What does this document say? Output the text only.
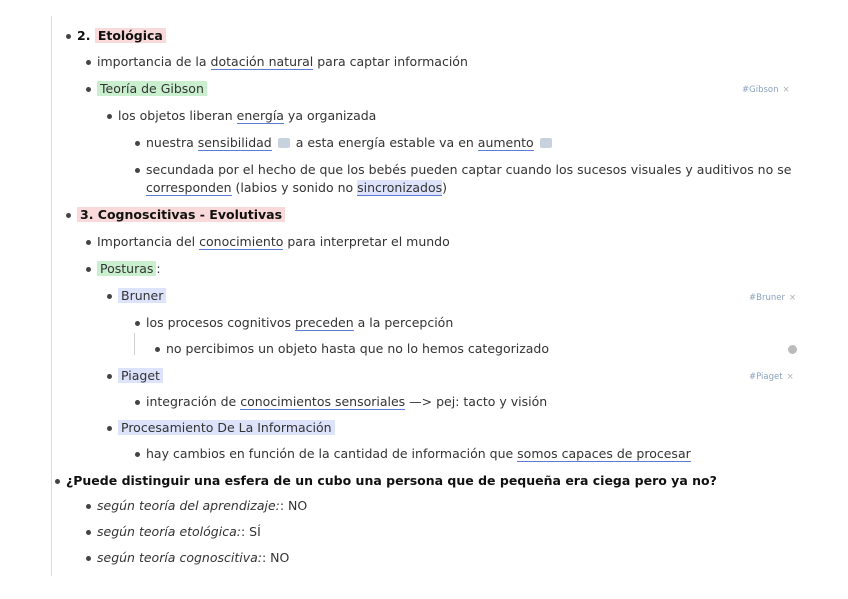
2. Etológica
importancia de la dotación natural para captar información
Teoría de Gibson	#Gibson ×
los objetos liberan energía ya organizada
nuestra sensibilidad  a esta energía estable va en aumento
secundada por el hecho de que los bebés pueden captar cuando los sucesos visuales y auditivos no se
corresponden (labios y sonido no sincronizados)
3. Cognoscitivas - Evolutivas
Importancia del conocimiento para interpretar el mundo
Posturas :
Bruner	#Bruner ×
los procesos cognitivos preceden a la percepción
no percibimos un objeto hasta que no lo hemos categorizado
Piaget	#Piaget ×
integración de conocimientos sensoriales —> pej: tacto y visión
Procesamiento De La Información
hay cambios en función de la cantidad de información que somos capaces de procesar
¿Puede distinguir una esfera de un cubo una persona que de pequeña era ciega pero ya no?
según teoría del aprendizaje:: NO
según teoría etológica:: SÍ
según teoría cognoscitiva:: NO
